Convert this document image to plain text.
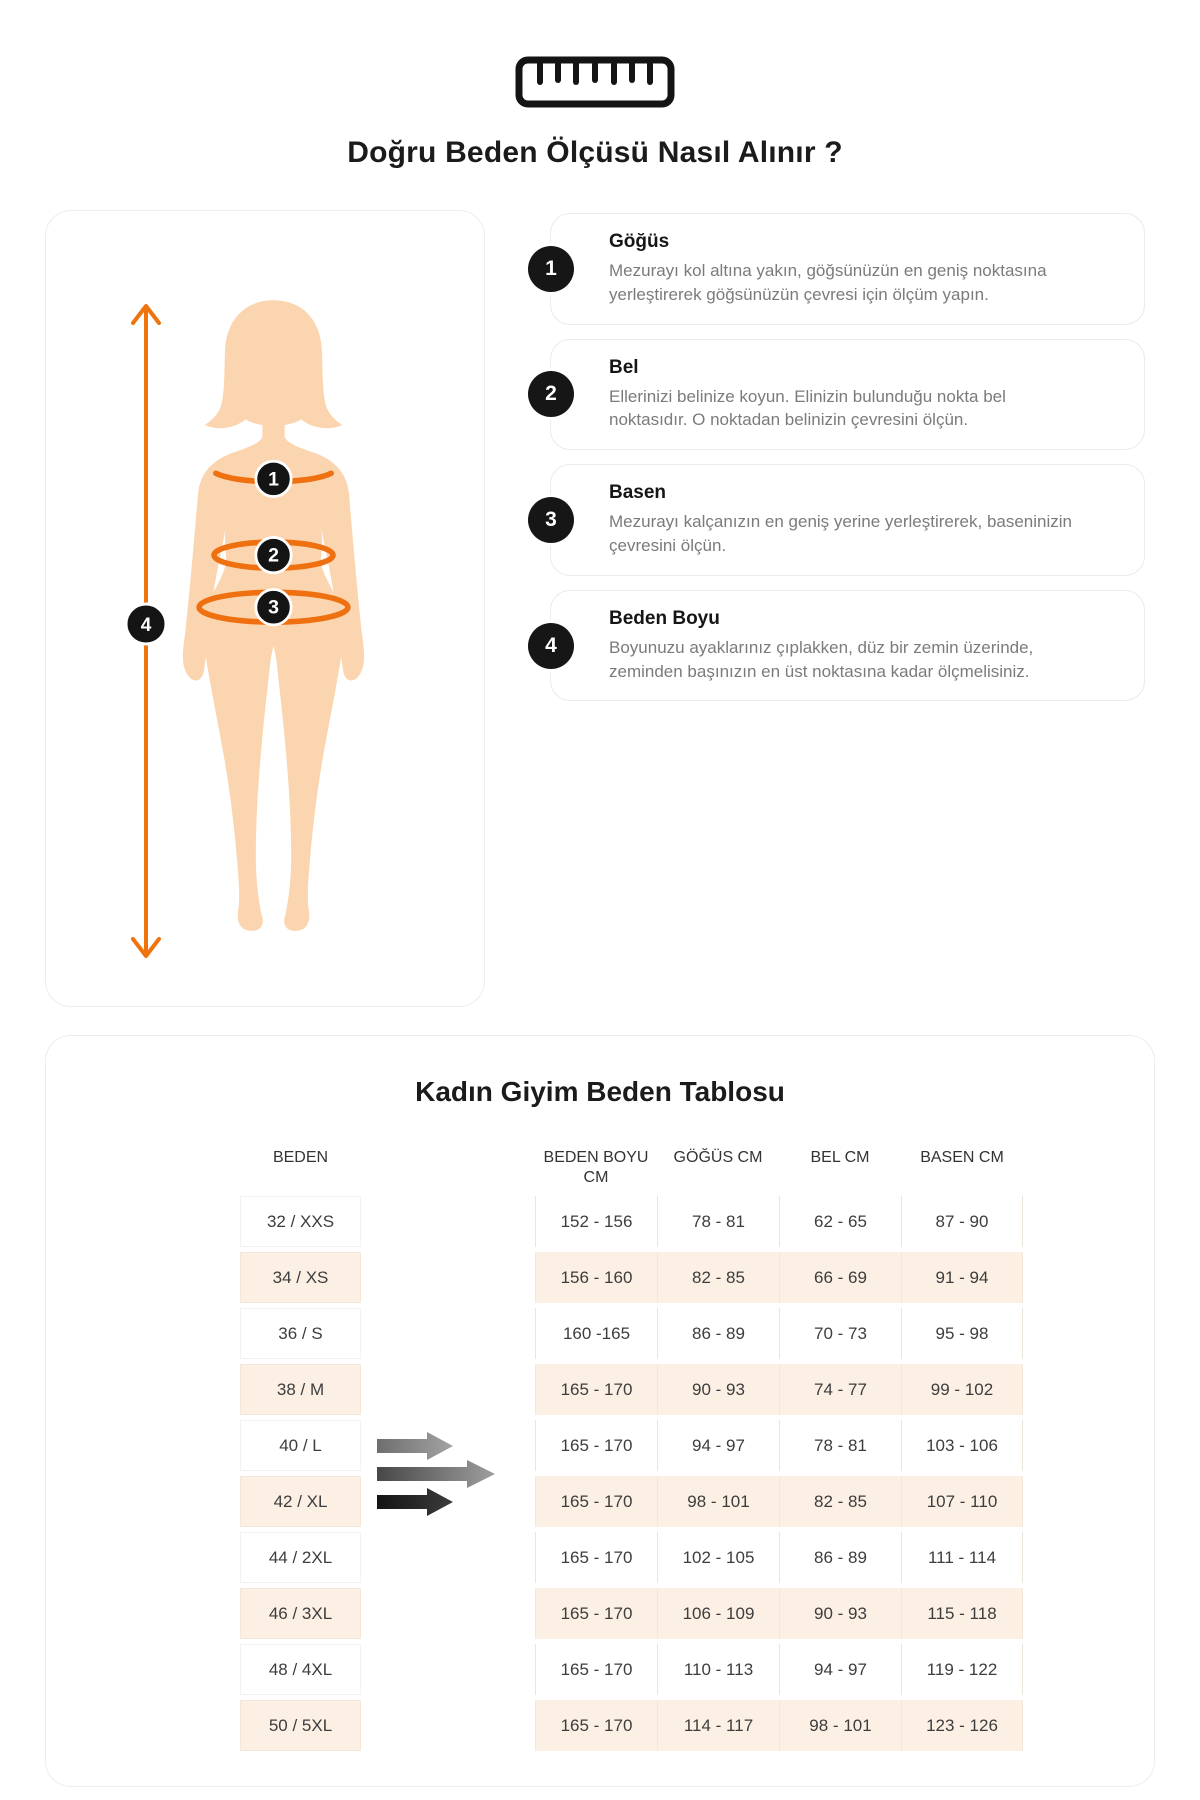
Doğru Beden Ölçüsü Nasıl Alınır ?
1
2
3
4
1
Göğüs
Mezurayı kol altına yakın, göğsünüzün en geniş noktasına yerleştirerek göğsünüzün çevresi için ölçüm yapın.
2
Bel
Ellerinizi belinize koyun. Elinizin bulunduğu nokta bel noktasıdır. O noktadan belinizin çevresini ölçün.
3
Basen
Mezurayı kalçanızın en geniş yerine yerleştirerek, baseninizin çevresini ölçün.
4
Beden Boyu
Boyunuzu ayaklarınız çıplakken, düz bir zemin üzerinde, zeminden başınızın en üst noktasına kadar ölçmelisiniz.
Kadın Giyim Beden Tablosu
BEDEN	BEDEN BOYU
CM
GÖĞÜS CM	BEL CM	BASEN CM
32 / XXS	152 - 156	78 - 81	62 - 65	87 - 90
34 / XS	156 - 160	82 - 85	66 - 69	91 - 94
36 / S	160 -165	86 - 89	70 - 73	95 - 98
38 / M	165 - 170	90 - 93	74 - 77	99 - 102
40 / L	165 - 170	94 - 97	78 - 81	103 - 106
42 / XL	165 - 170	98 - 101	82 - 85	107 - 110
44 / 2XL	165 - 170	102 - 105	86 - 89	111 - 114
46 / 3XL	165 - 170	106 - 109	90 - 93	115 - 118
48 / 4XL	165 - 170	110 - 113	94 - 97	119 - 122
50 / 5XL	165 - 170	114 - 117	98 - 101	123 - 126
